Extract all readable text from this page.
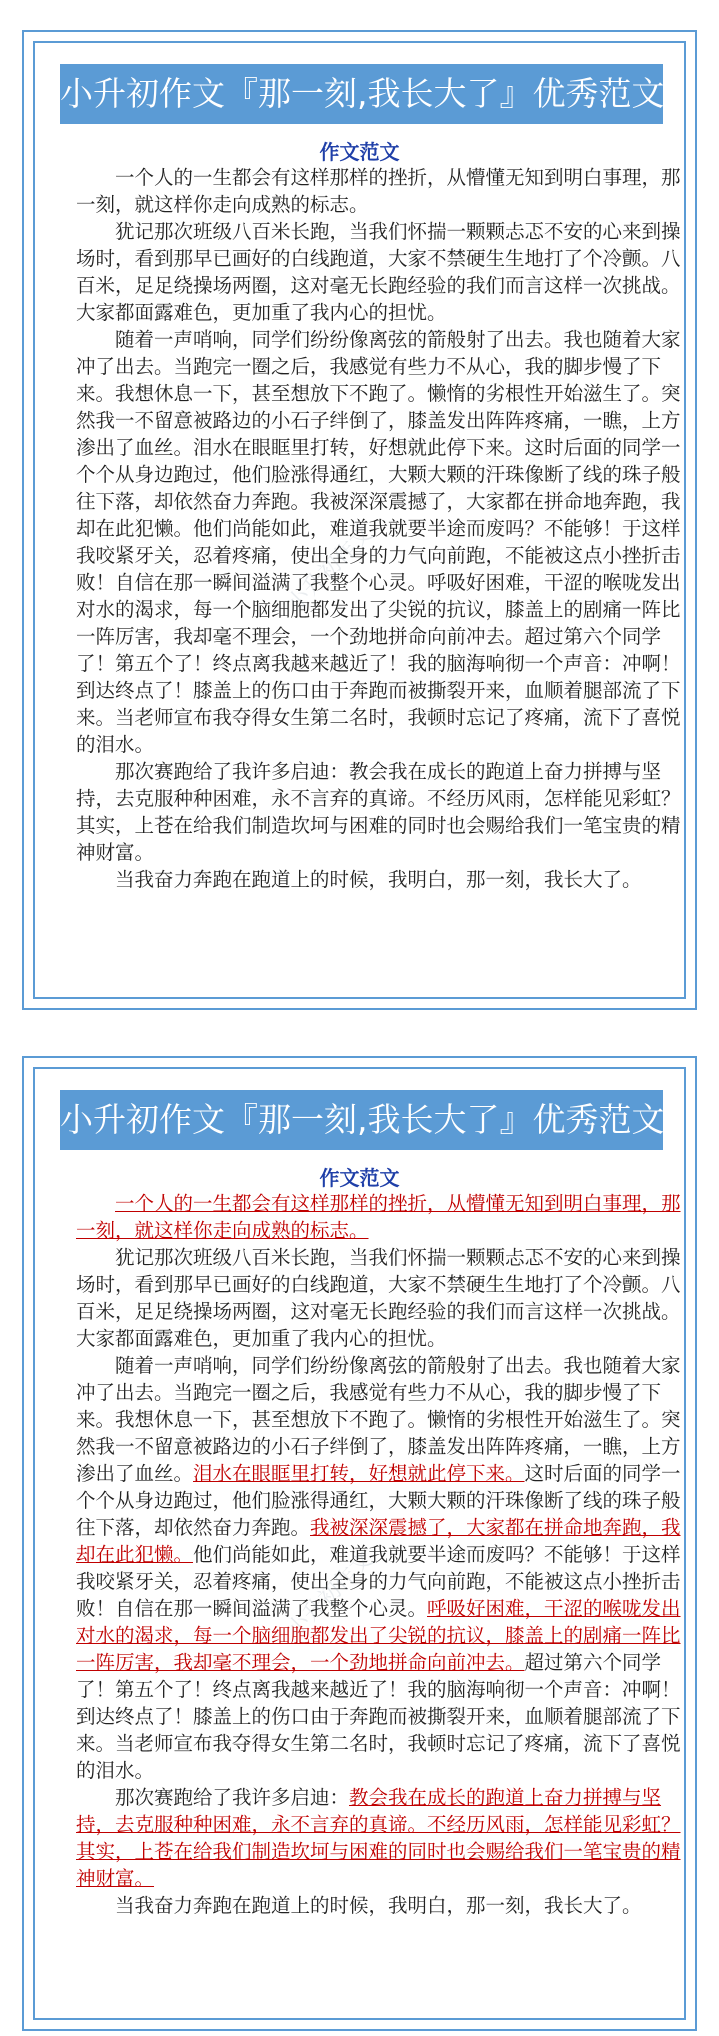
小升初作文『那一刻,我长大了』优秀范文
作文范文

一个人的一生都会有这样那样的挫折，从懵懂无知到明白事理，那一刻，就这样你走向成熟的标志。

犹记那次班级八百米长跑，当我们怀揣一颗颗忐忑不安的心来到操场时，看到那早已画好的白线跑道，大家不禁硬生生地打了个冷颤。八百米，足足绕操场两圈，这对毫无长跑经验的我们而言这样一次挑战。大家都面露难色，更加重了我内心的担忧。

随着一声哨响，同学们纷纷像离弦的箭般射了出去。我也随着大家冲了出去。当跑完一圈之后，我感觉有些力不从心，我的脚步慢了下来。我想休息一下，甚至想放下不跑了。懒惰的劣根性开始滋生了。突然我一不留意被路边的小石子绊倒了，膝盖发出阵阵疼痛，一瞧，上方渗出了血丝。泪水在眼眶里打转，好想就此停下来。这时后面的同学一个个从身边跑过，他们脸涨得通红，大颗大颗的汗珠像断了线的珠子般往下落，却依然奋力奔跑。我被深深震撼了，大家都在拼命地奔跑，我却在此犯懒。他们尚能如此，难道我就要半途而废吗？不能够！于这样我咬紧牙关，忍着疼痛，使出全身的力气向前跑，不能被这点小挫折击败！自信在那一瞬间溢满了我整个心灵。呼吸好困难，干涩的喉咙发出对水的渴求，每一个脑细胞都发出了尖锐的抗议，膝盖上的剧痛一阵比一阵厉害，我却毫不理会，一个劲地拼命向前冲去。超过第六个同学了！第五个了！终点离我越来越近了！我的脑海响彻一个声音：冲啊！到达终点了！膝盖上的伤口由于奔跑而被撕裂开来，血顺着腿部流了下来。当老师宣布我夺得女生第二名时，我顿时忘记了疼痛，流下了喜悦的泪水。

那次赛跑给了我许多启迪：教会我在成长的跑道上奋力拼搏与坚持，去克服种种困难，永不言弃的真谛。不经历风雨，怎样能见彩虹？其实，上苍在给我们制造坎坷与困难的同时也会赐给我们一笔宝贵的精神财富。

当我奋力奔跑在跑道上的时候，我明白，那一刻，我长大了。

小升初作文
小升初作文『那一刻,我长大了』优秀范文
作文范文

一个人的一生都会有这样那样的挫折，从懵懂无知到明白事理，那一刻，就这样你走向成熟的标志。

犹记那次班级八百米长跑，当我们怀揣一颗颗忐忑不安的心来到操场时，看到那早已画好的白线跑道，大家不禁硬生生地打了个冷颤。八百米，足足绕操场两圈，这对毫无长跑经验的我们而言这样一次挑战。大家都面露难色，更加重了我内心的担忧。

随着一声哨响，同学们纷纷像离弦的箭般射了出去。我也随着大家冲了出去。当跑完一圈之后，我感觉有些力不从心，我的脚步慢了下来。我想休息一下，甚至想放下不跑了。懒惰的劣根性开始滋生了。突然我一不留意被路边的小石子绊倒了，膝盖发出阵阵疼痛，一瞧，上方渗出了血丝。泪水在眼眶里打转，好想就此停下来。这时后面的同学一个个从身边跑过，他们脸涨得通红，大颗大颗的汗珠像断了线的珠子般往下落，却依然奋力奔跑。我被深深震撼了，大家都在拼命地奔跑，我却在此犯懒。他们尚能如此，难道我就要半途而废吗？不能够！于这样我咬紧牙关，忍着疼痛，使出全身的力气向前跑，不能被这点小挫折击败！自信在那一瞬间溢满了我整个心灵。呼吸好困难，干涩的喉咙发出对水的渴求，每一个脑细胞都发出了尖锐的抗议，膝盖上的剧痛一阵比一阵厉害，我却毫不理会，一个劲地拼命向前冲去。超过第六个同学了！第五个了！终点离我越来越近了！我的脑海响彻一个声音：冲啊！到达终点了！膝盖上的伤口由于奔跑而被撕裂开来，血顺着腿部流了下来。当老师宣布我夺得女生第二名时，我顿时忘记了疼痛，流下了喜悦的泪水。

那次赛跑给了我许多启迪：教会我在成长的跑道上奋力拼搏与坚持，去克服种种困难，永不言弃的真谛。不经历风雨，怎样能见彩虹？其实，上苍在给我们制造坎坷与困难的同时也会赐给我们一笔宝贵的精神财富。

当我奋力奔跑在跑道上的时候，我明白，那一刻，我长大了。

小升初作文
